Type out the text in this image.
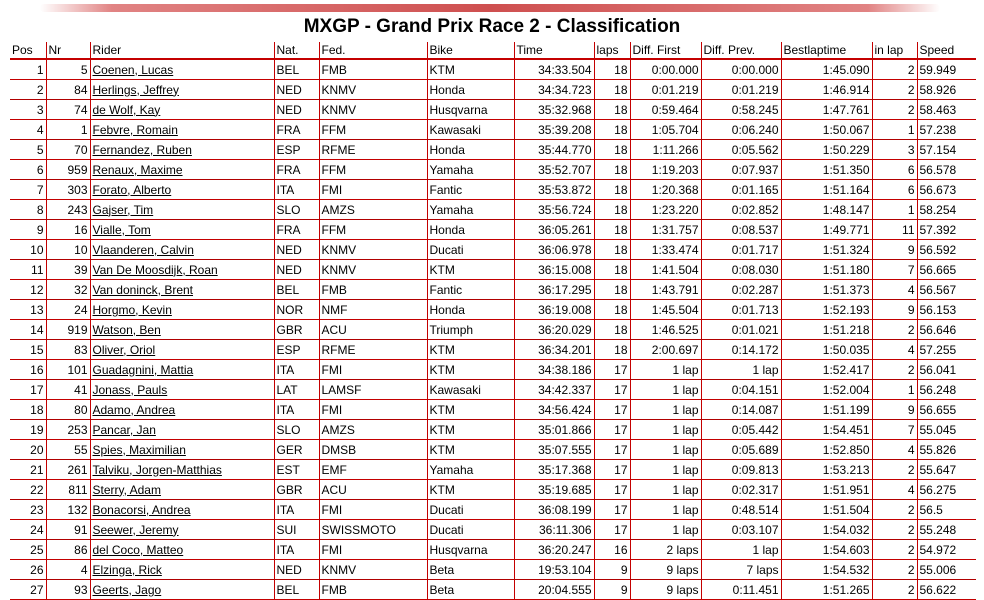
MXGP - Grand Prix Race 2 - Classification
Pos	Nr	Rider	Nat.	Fed.	Bike	Time	laps	Diff. First	Diff. Prev.	Bestlaptime	in lap	Speed
1	5	Coenen, Lucas	BEL	FMB	KTM	34:33.504	18	0:00.000	0:00.000	1:45.090	2	59.949
2	84	Herlings, Jeffrey	NED	KNMV	Honda	34:34.723	18	0:01.219	0:01.219	1:46.914	2	58.926
3	74	de Wolf, Kay	NED	KNMV	Husqvarna	35:32.968	18	0:59.464	0:58.245	1:47.761	2	58.463
4	1	Febvre, Romain	FRA	FFM	Kawasaki	35:39.208	18	1:05.704	0:06.240	1:50.067	1	57.238
5	70	Fernandez, Ruben	ESP	RFME	Honda	35:44.770	18	1:11.266	0:05.562	1:50.229	3	57.154
6	959	Renaux, Maxime	FRA	FFM	Yamaha	35:52.707	18	1:19.203	0:07.937	1:51.350	6	56.578
7	303	Forato, Alberto	ITA	FMI	Fantic	35:53.872	18	1:20.368	0:01.165	1:51.164	6	56.673
8	243	Gajser, Tim	SLO	AMZS	Yamaha	35:56.724	18	1:23.220	0:02.852	1:48.147	1	58.254
9	16	Vialle, Tom	FRA	FFM	Honda	36:05.261	18	1:31.757	0:08.537	1:49.771	11	57.392
10	10	Vlaanderen, Calvin	NED	KNMV	Ducati	36:06.978	18	1:33.474	0:01.717	1:51.324	9	56.592
11	39	Van De Moosdijk, Roan	NED	KNMV	KTM	36:15.008	18	1:41.504	0:08.030	1:51.180	7	56.665
12	32	Van doninck, Brent	BEL	FMB	Fantic	36:17.295	18	1:43.791	0:02.287	1:51.373	4	56.567
13	24	Horgmo, Kevin	NOR	NMF	Honda	36:19.008	18	1:45.504	0:01.713	1:52.193	9	56.153
14	919	Watson, Ben	GBR	ACU	Triumph	36:20.029	18	1:46.525	0:01.021	1:51.218	2	56.646
15	83	Oliver, Oriol	ESP	RFME	KTM	36:34.201	18	2:00.697	0:14.172	1:50.035	4	57.255
16	101	Guadagnini, Mattia	ITA	FMI	KTM	34:38.186	17	1 lap	1 lap	1:52.417	2	56.041
17	41	Jonass, Pauls	LAT	LAMSF	Kawasaki	34:42.337	17	1 lap	0:04.151	1:52.004	1	56.248
18	80	Adamo, Andrea	ITA	FMI	KTM	34:56.424	17	1 lap	0:14.087	1:51.199	9	56.655
19	253	Pancar, Jan	SLO	AMZS	KTM	35:01.866	17	1 lap	0:05.442	1:54.451	7	55.045
20	55	Spies, Maximilian	GER	DMSB	KTM	35:07.555	17	1 lap	0:05.689	1:52.850	4	55.826
21	261	Talviku, Jorgen-Matthias	EST	EMF	Yamaha	35:17.368	17	1 lap	0:09.813	1:53.213	2	55.647
22	811	Sterry, Adam	GBR	ACU	KTM	35:19.685	17	1 lap	0:02.317	1:51.951	4	56.275
23	132	Bonacorsi, Andrea	ITA	FMI	Ducati	36:08.199	17	1 lap	0:48.514	1:51.504	2	56.5
24	91	Seewer, Jeremy	SUI	SWISSMOTO	Ducati	36:11.306	17	1 lap	0:03.107	1:54.032	2	55.248
25	86	del Coco, Matteo	ITA	FMI	Husqvarna	36:20.247	16	2 laps	1 lap	1:54.603	2	54.972
26	4	Elzinga, Rick	NED	KNMV	Beta	19:53.104	9	9 laps	7 laps	1:54.532	2	55.006
27	93	Geerts, Jago	BEL	FMB	Beta	20:04.555	9	9 laps	0:11.451	1:51.265	2	56.622
